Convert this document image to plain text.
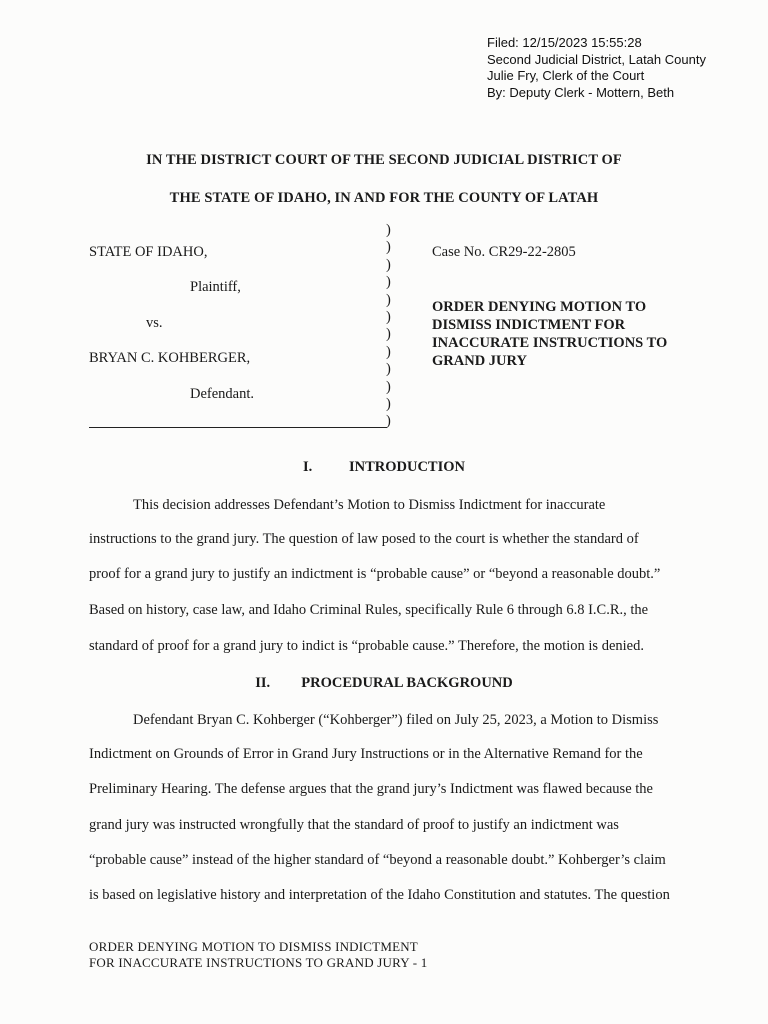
Filed: 12/15/2023 15:55:28
Second Judicial District, Latah County
Julie Fry, Clerk of the Court
By: Deputy Clerk - Mottern, Beth
IN THE DISTRICT COURT OF THE SECOND JUDICIAL DISTRICT OF
THE STATE OF IDAHO, IN AND FOR THE COUNTY OF LATAH
STATE OF IDAHO,
Plaintiff,
vs.
BRYAN C. KOHBERGER,
Defendant.
)
)
)
)
)
)
)
)
)
)
)
)
Case No. CR29-22-2805
ORDER DENYING MOTION TO
DISMISS INDICTMENT FOR
INACCURATE INSTRUCTIONS TO
GRAND JURY
I.	INTRODUCTION
This decision addresses Defendant’s Motion to Dismiss Indictment for inaccurate
instructions to the grand jury. The question of law posed to the court is whether the standard of
proof for a grand jury to justify an indictment is “probable cause” or “beyond a reasonable doubt.”
Based on history, case law, and Idaho Criminal Rules, specifically Rule 6 through 6.8 I.C.R., the
standard of proof for a grand jury to indict is “probable cause.” Therefore, the motion is denied.
II. PROCEDURAL BACKGROUND
Defendant Bryan C. Kohberger (“Kohberger”) filed on July 25, 2023, a Motion to Dismiss
Indictment on Grounds of Error in Grand Jury Instructions or in the Alternative Remand for the
Preliminary Hearing. The defense argues that the grand jury’s Indictment was flawed because the
grand jury was instructed wrongfully that the standard of proof to justify an indictment was
“probable cause” instead of the higher standard of “beyond a reasonable doubt.” Kohberger’s claim
is based on legislative history and interpretation of the Idaho Constitution and statutes. The question
ORDER DENYING MOTION TO DISMISS INDICTMENT
FOR INACCURATE INSTRUCTIONS TO GRAND JURY - 1
